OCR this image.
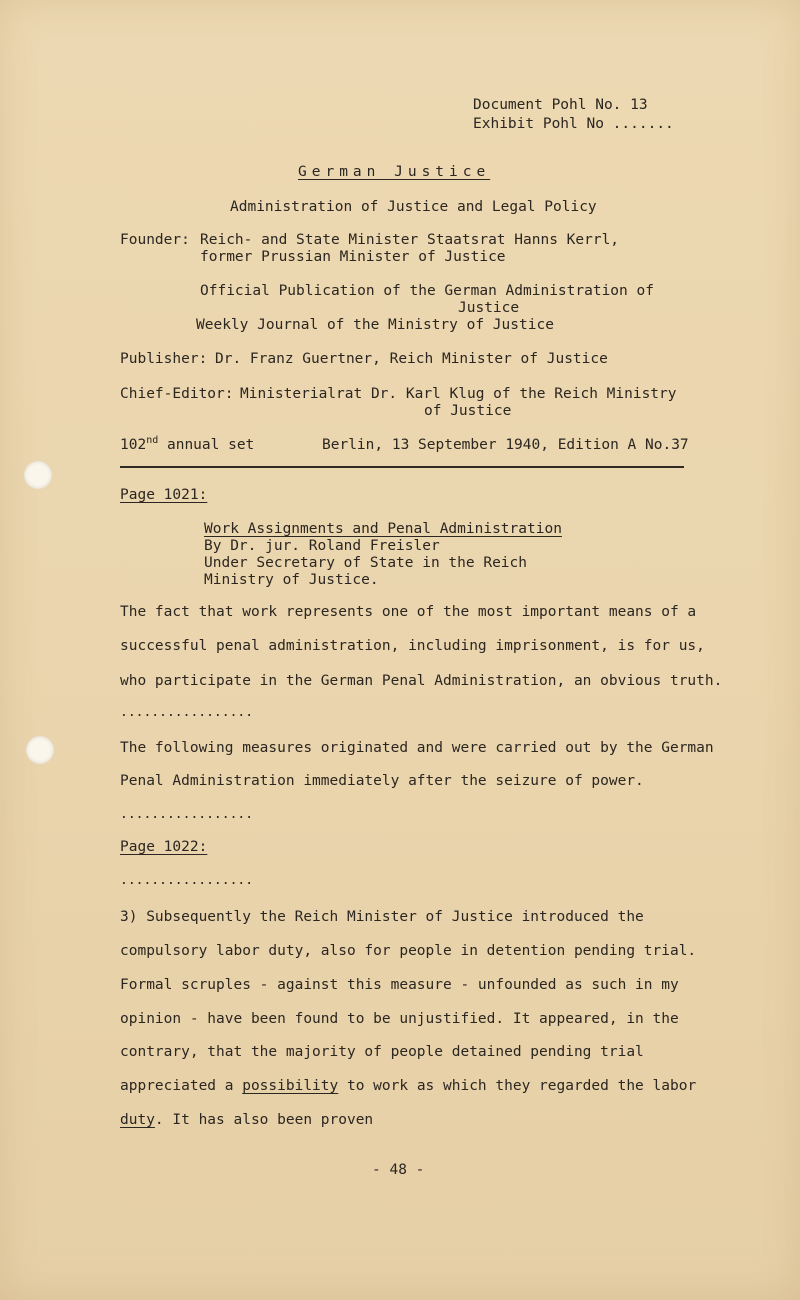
Document Pohl No. 13
Exhibit Pohl No .......
German Justice
Administration of Justice and Legal Policy
Founder: Reich- and State Minister Staatsrat Hanns Kerrl,
former Prussian Minister of Justice
Official Publication of the German Administration of
Justice
Weekly Journal of the Ministry of Justice
Publisher: Dr. Franz Guertner, Reich Minister of Justice
Chief-Editor: Ministerialrat Dr. Karl Klug of the Reich Ministry
of Justice
102nd annual set	Berlin, 13 September 1940, Edition A No.37
Page 1021:
Work Assignments and Penal Administration
By Dr. jur. Roland Freisler
Under Secretary of State in the Reich
Ministry of Justice.
The fact that work represents one of the most important means of a
successful penal administration, including imprisonment, is for us,
who participate in the German Penal Administration, an obvious truth.
.................
The following measures originated and were carried out by the German
Penal Administration immediately after the seizure of power.
.................
Page 1022:
.................
3) Subsequently the Reich Minister of Justice introduced the
compulsory labor duty, also for people in detention pending trial.
Formal scruples - against this measure - unfounded as such in my
opinion - have been found to be unjustified. It appeared, in the
contrary, that the majority of people detained pending trial
appreciated a possibility to work as which they regarded the labor
duty. It has also been proven
- 48 -
